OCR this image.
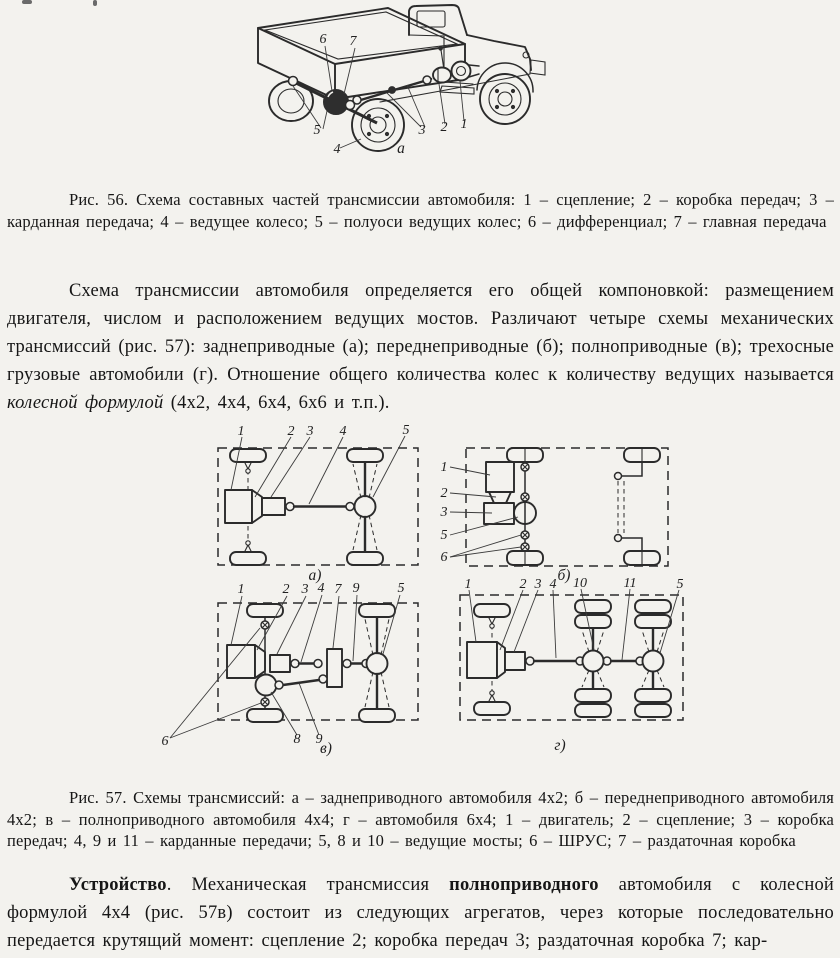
6 7
5
4
3 2 1
а
Рис. 56. Схема составных частей трансмиссии автомобиля: 1 – сцепление; 2 – коробка передач; 3 – карданная передача; 4 – ведущее колесо; 5 – полуоси ведущих колес; 6 – дифференциал; 7 – главная передача
Схема трансмиссии автомобиля определяется его общей компоновкой: размещением двигателя, числом и расположением ведущих мостов. Различают четыре схемы механических трансмиссий (рис. 57): заднеприводные (а); переднеприводные (б); полноприводные (в); трехосные грузовые автомобили (г). Отношение общего количества колес к количеству ведущих называется колесной формулой (4х2, 4х4, 6х4, 6х6 и т.п.).
1	2 3 4	5
а)
1
2
3
5
6
б)
1	2 3 4 7 9	5
8 9
6	в)
1	2 3 4 10	11	5
г)
Рис. 57. Схемы трансмиссий: а – заднеприводного автомобиля 4х2; б – переднеприводного автомобиля 4х2; в – полноприводного автомобиля 4х4; г – автомобиля 6х4; 1 – двигатель; 2 – сцепление; 3 – коробка передач; 4, 9 и 11 – карданные передачи; 5, 8 и 10 – ведущие мосты; 6 – ШРУС; 7 – раздаточная коробка
Устройство. Механическая трансмиссия полноприводного автомобиля с колесной формулой 4х4 (рис. 57в) состоит из следующих агрегатов, через которые последовательно передается крутящий момент: сцепление 2; коробка передач 3; раздаточная коробка 7; кар-
